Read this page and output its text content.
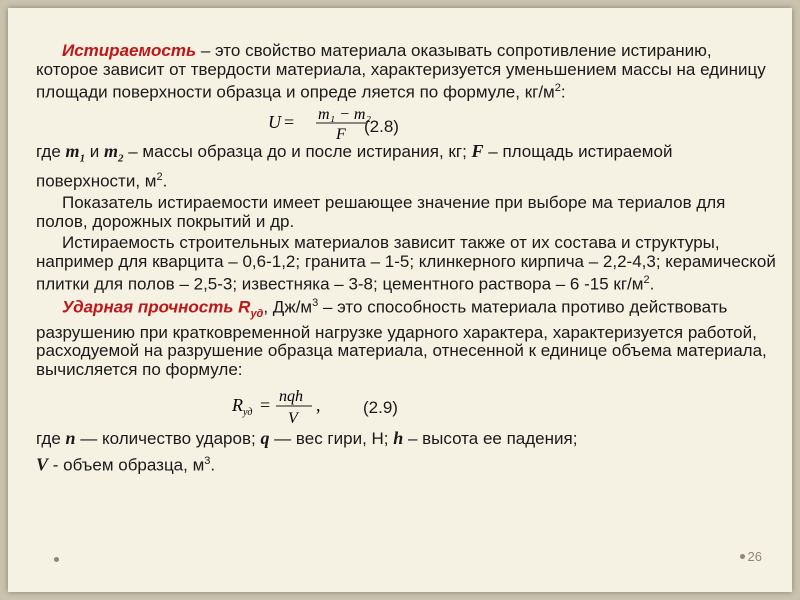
Истираемость – это свойство материала оказывать сопротивление истиранию, которое зависит от твердости материала, характеризуется уменьшением массы на единицу площади поверхности образца и опреде ляется по формуле, $кг/м^2$:

U = m₁ − m₂
F (2.8)

где $m_1$ и $m_2$ – массы образца до и после истирания, кг; F – площадь истираемой поверхности, $м^2$.

Показатель истираемости имеет решающее значение при выборе ма териалов для полов, дорожных покрытий и др.

Истираемость строительных материалов зависит также от их состава и структуры, например для кварцита – 0,6-1,2; гранита – 1-5; клинкерного кирпича – 2,2-4,3; керамической плитки для полов – 2,5-3; известняка – 3-8; цементного раствора – 6 -15 $кг/м^2$.

Ударная прочность $R_{уд}$, $Дж/м^3$ – это способность материала противо действовать разрушению при кратковременной нагрузке ударного характера, характеризуется работой, расходуемой на разрушение образца материала, отнесенной к единице объема материала, вычисляется по формуле:

R уд = nqh
V
,	(2.9)

где n — количество ударов; q — вес гири, Н; h – высота ее падения;

V - объем образца, $м^3$.

26
